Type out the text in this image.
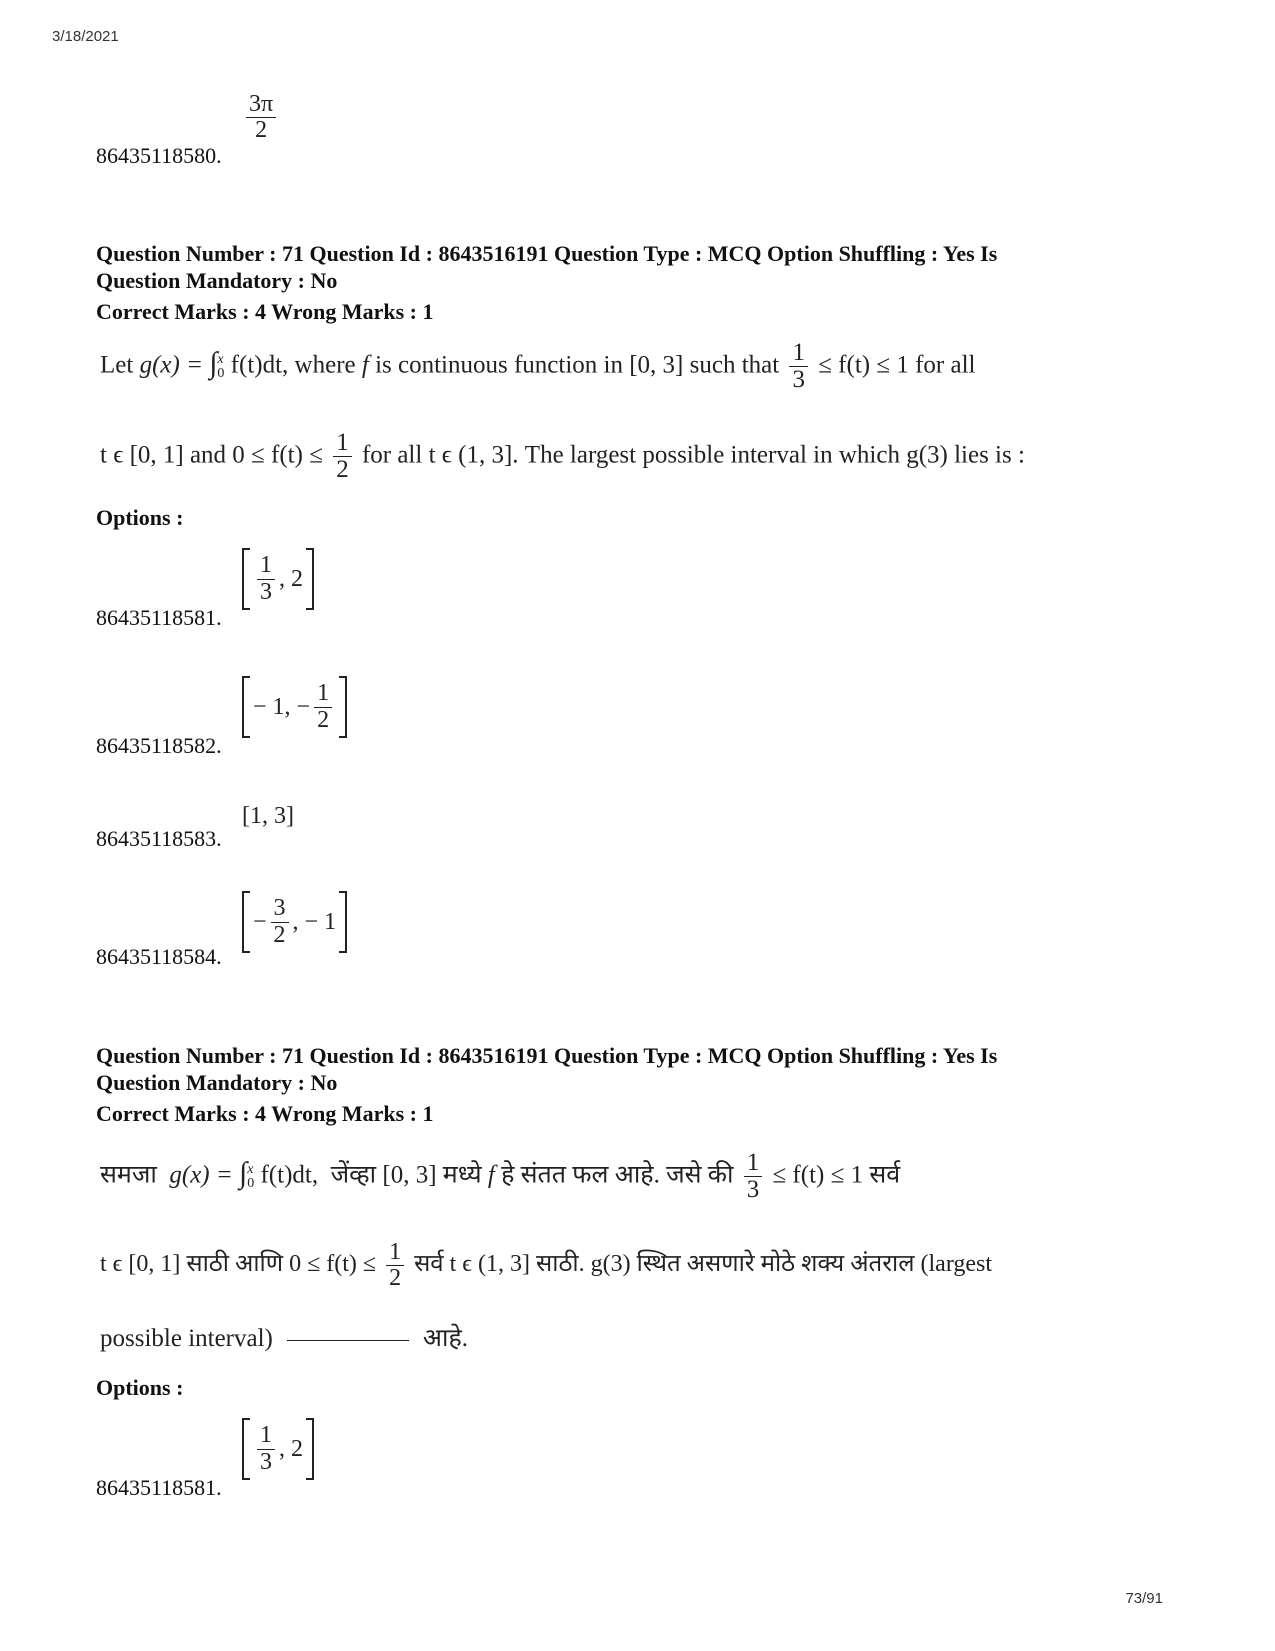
3/18/2021
$\frac{3\pi}{2}$
86435118580.
Question Number : 71 Question Id : 8643516191 Question Type : MCQ Option Shuffling : Yes Is
Question Mandatory : No
Correct Marks : 4 Wrong Marks : 1
Let g(x) = ∫ x
0 f(t)dt, where f is continuous function in [0, 3] such that $\frac{1}{3} \le f(t) \le 1$ for all
t ϵ [0, 1] and $0 \le f(t) \le \frac{1}{2}$ for all t ϵ (1, 3]. The largest possible interval in which g(3) lies is :
Options :
$\frac{1}{3}$ , 2
86435118581.
− 1,
− $\frac{1}{2}$
86435118582.
[1, 3]
86435118583.
− $\frac{3}{2}$ , − 1
86435118584.
Question Number : 71 Question Id : 8643516191 Question Type : MCQ Option Shuffling : Yes Is
Question Mandatory : No
Correct Marks : 4 Wrong Marks : 1
समजा g(x) = ∫ x
0 f(t)dt, जेंव्हा [0, 3] मध्ये f हे संतत फल आहे. जसे की $\frac{1}{3} \le f(t) \le 1$ सर्व
t ϵ [0, 1] साठी आणि $0 \le f(t) \le \frac{1}{2}$ सर्व t ϵ (1, 3] साठी. g(3) स्थित असणारे मोठे शक्य अंतराल (largest
possible interval)	आहे.
Options :
$\frac{1}{3}$ , 2
86435118581.
73/91
